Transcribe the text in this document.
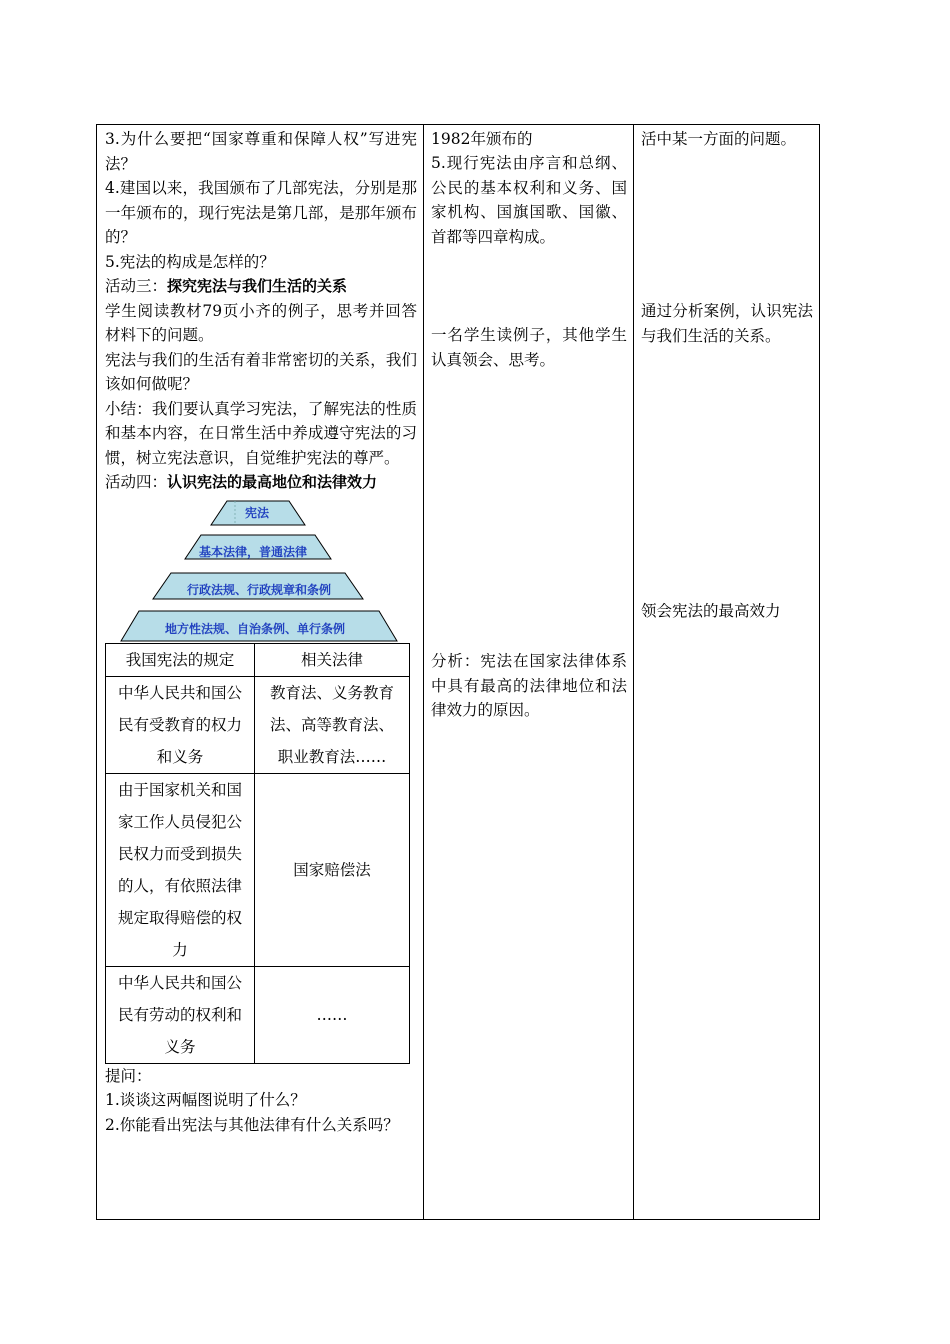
3.为什么要把“国家尊重和保障人权”写进宪法？

4.建国以来，我国颁布了几部宪法，分别是那一年颁布的，现行宪法是第几部，是那年颁布的？

5.宪法的构成是怎样的？

活动三：探究宪法与我们生活的关系

学生阅读教材79页小齐的例子，思考并回答材料下的问题。

宪法与我们的生活有着非常密切的关系，我们该如何做呢？

小结：我们要认真学习宪法，了解宪法的性质和基本内容，在日常生活中养成遵守宪法的习惯，树立宪法意识，自觉维护宪法的尊严。

活动四：认识宪法的最高地位和法律效力

宪法
基本法律，普通法律
行政法规、行政规章和条例
地方性法规、自治条例、单行条例
我国宪法的规定	相关法律
中华人民共和国公民有受教育的权力和义务	教育法、义务教育法、高等教育法、职业教育法……
由于国家机关和国家工作人员侵犯公民权力而受到损失的人，有依照法律规定取得赔偿的权力	国家赔偿法
中华人民共和国公民有劳动的权利和义务	……

提问：

1.谈谈这两幅图说明了什么？

2.你能看出宪法与其他法律有什么关系吗？

1982年颁布的

5.现行宪法由序言和总纲、公民的基本权利和义务、国家机构、国旗国歌、国徽、首都等四章构成。

一名学生读例子，其他学生认真领会、思考。

分析：宪法在国家法律体系中具有最高的法律地位和法律效力的原因。

活中某一方面的问题。

通过分析案例，认识宪法与我们生活的关系。

领会宪法的最高效力
